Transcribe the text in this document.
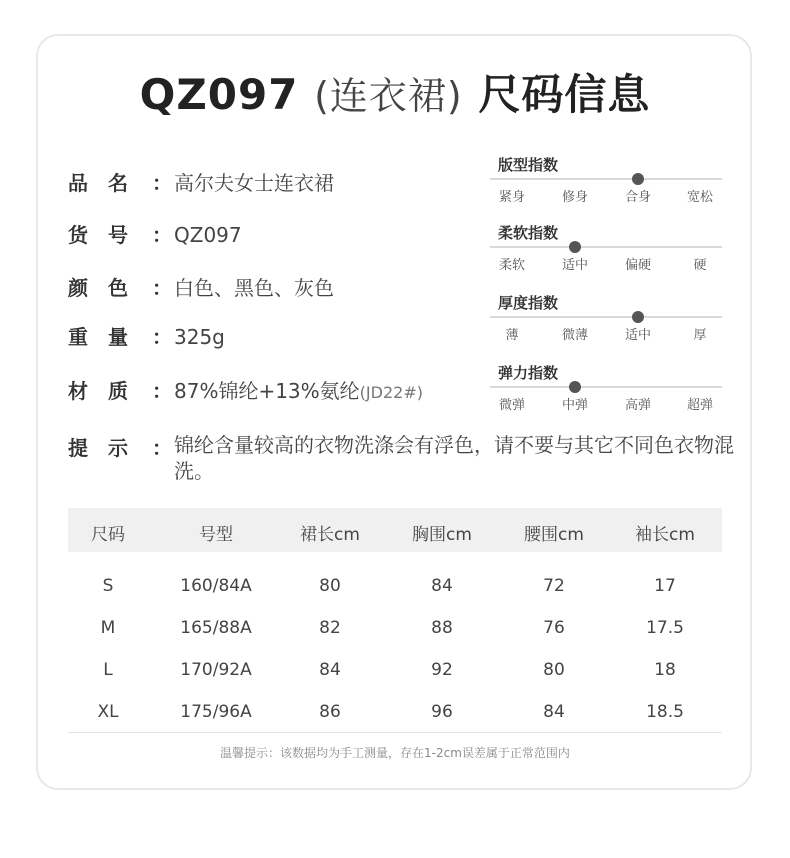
QZ097 (连衣裙) 尺码信息
品　名 ： 高尔夫女士连衣裙
货　号 ： QZ097
颜　色 ： 白色、黑色、灰色
重　量 ： 325g
材　质 ： 87%锦纶+13%氨纶(JD22#)
提　示 ： 锦纶含量较高的衣物洗涤会有浮色，请不要与其它不同色衣物混洗。
版型指数
紧身	修身	合身	宽松
柔软指数
柔软	适中	偏硬	硬
厚度指数
薄	微薄	适中	厚
弹力指数
微弹	中弹	高弹	超弹
尺码	号型	裙长cm	胸围cm	腰围cm	袖长cm
S	160/84A	80	84	72	17
M	165/88A	82	88	76	17.5
L	170/92A	84	92	80	18
XL	175/96A	86	96	84	18.5
温馨提示：该数据均为手工测量，存在1-2cm误差属于正常范围内
